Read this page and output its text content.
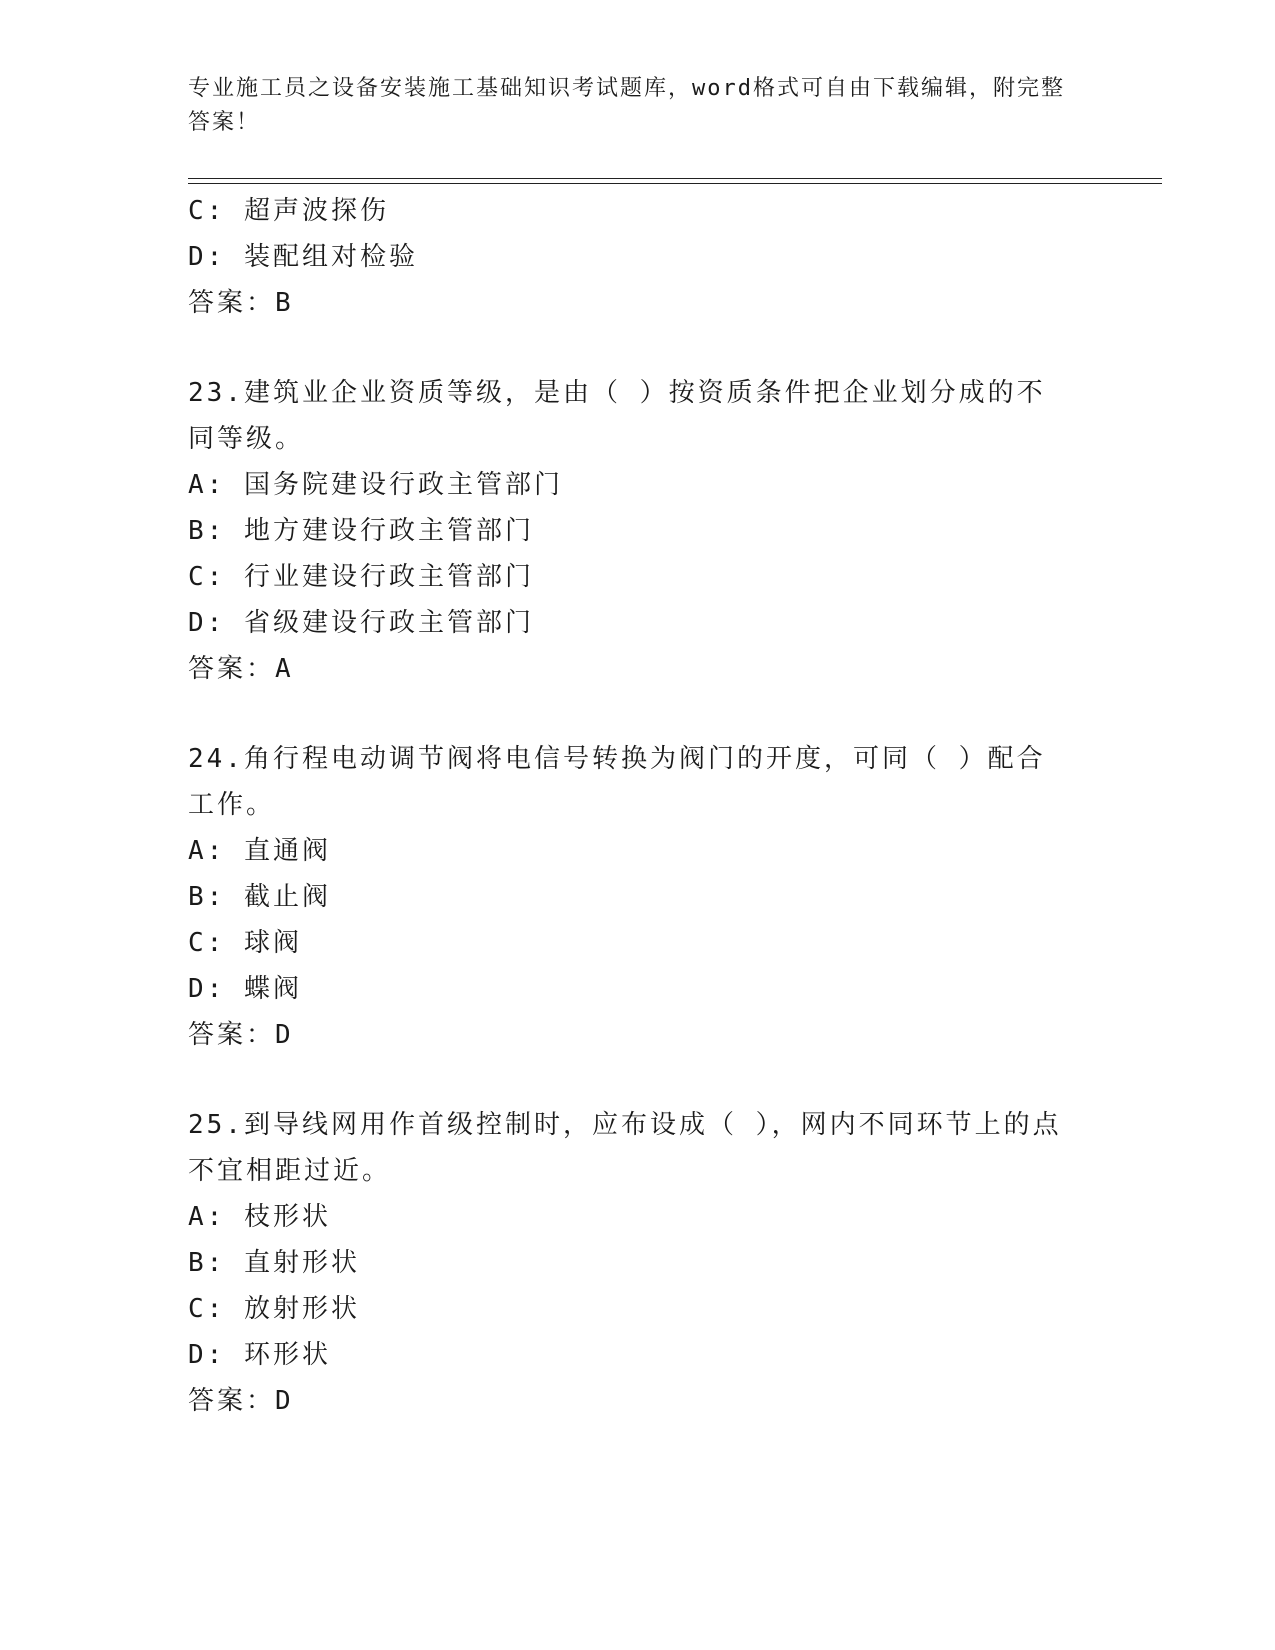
专业施工员之设备安装施工基础知识考试题库，word格式可自由下载编辑，附完整答案！
C: 超声波探伤
D: 装配组对检验
答案：B
23.建筑业企业资质等级，是由（ ）按资质条件把企业划分成的不同等级。
A: 国务院建设行政主管部门
B: 地方建设行政主管部门
C: 行业建设行政主管部门
D: 省级建设行政主管部门
答案：A
24.角行程电动调节阀将电信号转换为阀门的开度，可同（ ）配合工作。
A: 直通阀
B: 截止阀
C: 球阀
D: 蝶阀
答案：D
25.到导线网用作首级控制时，应布设成（ ），网内不同环节上的点不宜相距过近。
A: 枝形状
B: 直射形状
C: 放射形状
D: 环形状
答案：D
